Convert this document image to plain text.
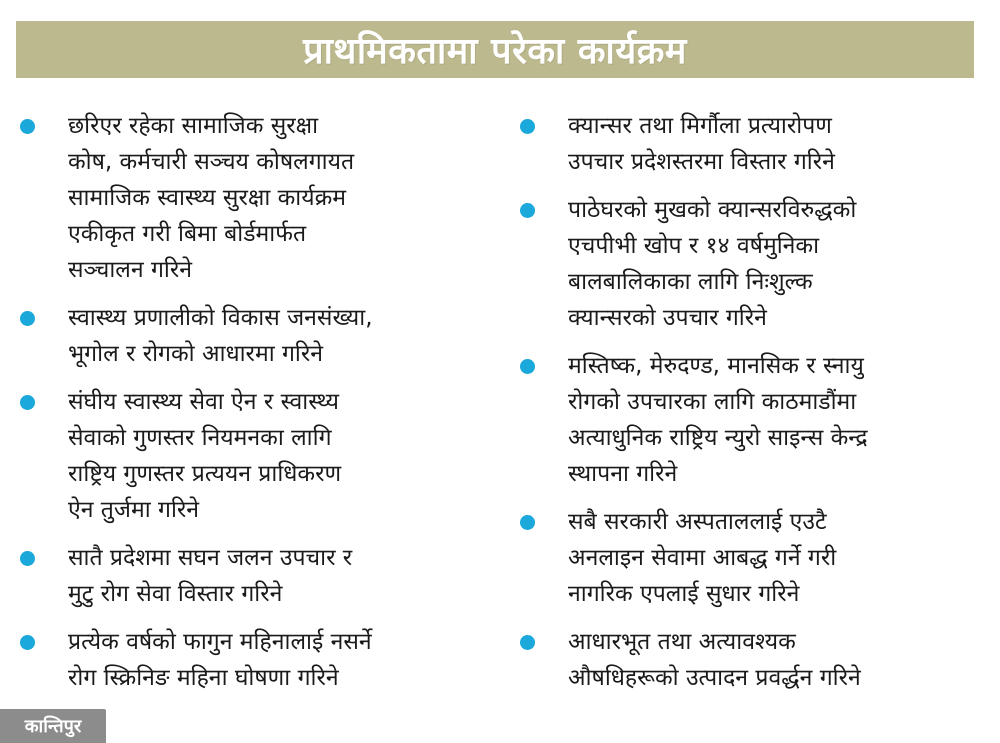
प्राथमिकतामा परेका कार्यक्रम
छरिएर रहेका सामाजिक सुरक्षा
कोष, कर्मचारी सञ्चय कोषलगायत
सामाजिक स्वास्थ्य सुरक्षा कार्यक्रम
एकीकृत गरी बिमा बोर्डमार्फत
सञ्चालन गरिने
स्वास्थ्य प्रणालीको विकास जनसंख्या,
भूगोल र रोगको आधारमा गरिने
संघीय स्वास्थ्य सेवा ऐन र स्वास्थ्य
सेवाको गुणस्तर नियमनका लागि
राष्ट्रिय गुणस्तर प्रत्ययन प्राधिकरण
ऐन तुर्जमा गरिने
सातै प्रदेशमा सघन जलन उपचार र
मुटु रोग सेवा विस्तार गरिने
प्रत्येक वर्षको फागुन महिनालाई नसर्ने
रोग स्क्रिनिङ महिना घोषणा गरिने
क्यान्सर तथा मिर्गौला प्रत्यारोपण
उपचार प्रदेशस्तरमा विस्तार गरिने
पाठेघरको मुखको क्यान्सरविरुद्धको
एचपीभी खोप र १४ वर्षमुनिका
बालबालिकाका लागि निःशुल्क
क्यान्सरको उपचार गरिने
मस्तिष्क, मेरुदण्ड, मानसिक र स्नायु
रोगको उपचारका लागि काठमाडौंमा
अत्याधुनिक राष्ट्रिय न्युरो साइन्स केन्द्र
स्थापना गरिने
सबै सरकारी अस्पताललाई एउटै
अनलाइन सेवामा आबद्ध गर्ने गरी
नागरिक एपलाई सुधार गरिने
आधारभूत तथा अत्यावश्यक
औषधिहरूको उत्पादन प्रवर्द्धन गरिने
कान्तिपुर
